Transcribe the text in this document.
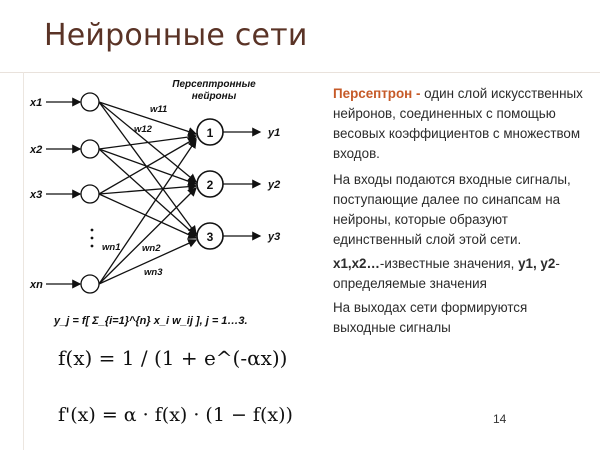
Нейронные сети
1
2
3
Персептронные
нейроны
x1
x2
x3
xn
w11
w12
wn1 wn2
wn3
y1
y2
y3
y_j = f[ Σ_{i=1}^{n} x_i w_ij ], j = 1…3.

Персептрон - один слой искусственных нейронов, соединенных с помощью весовых коэффициентов с множеством входов.

На входы подаются входные сигналы, поступающие далее по синапсам на нейроны, которые образуют единственный слой этой сети.

x1,x2…-известные значения, y1, y2-определяемые значения

На выходах сети формируются выходные сигналы

f(x) = 1 / (1 + e^(-αx))
f'(x) = α · f(x) · (1 − f(x))	14
